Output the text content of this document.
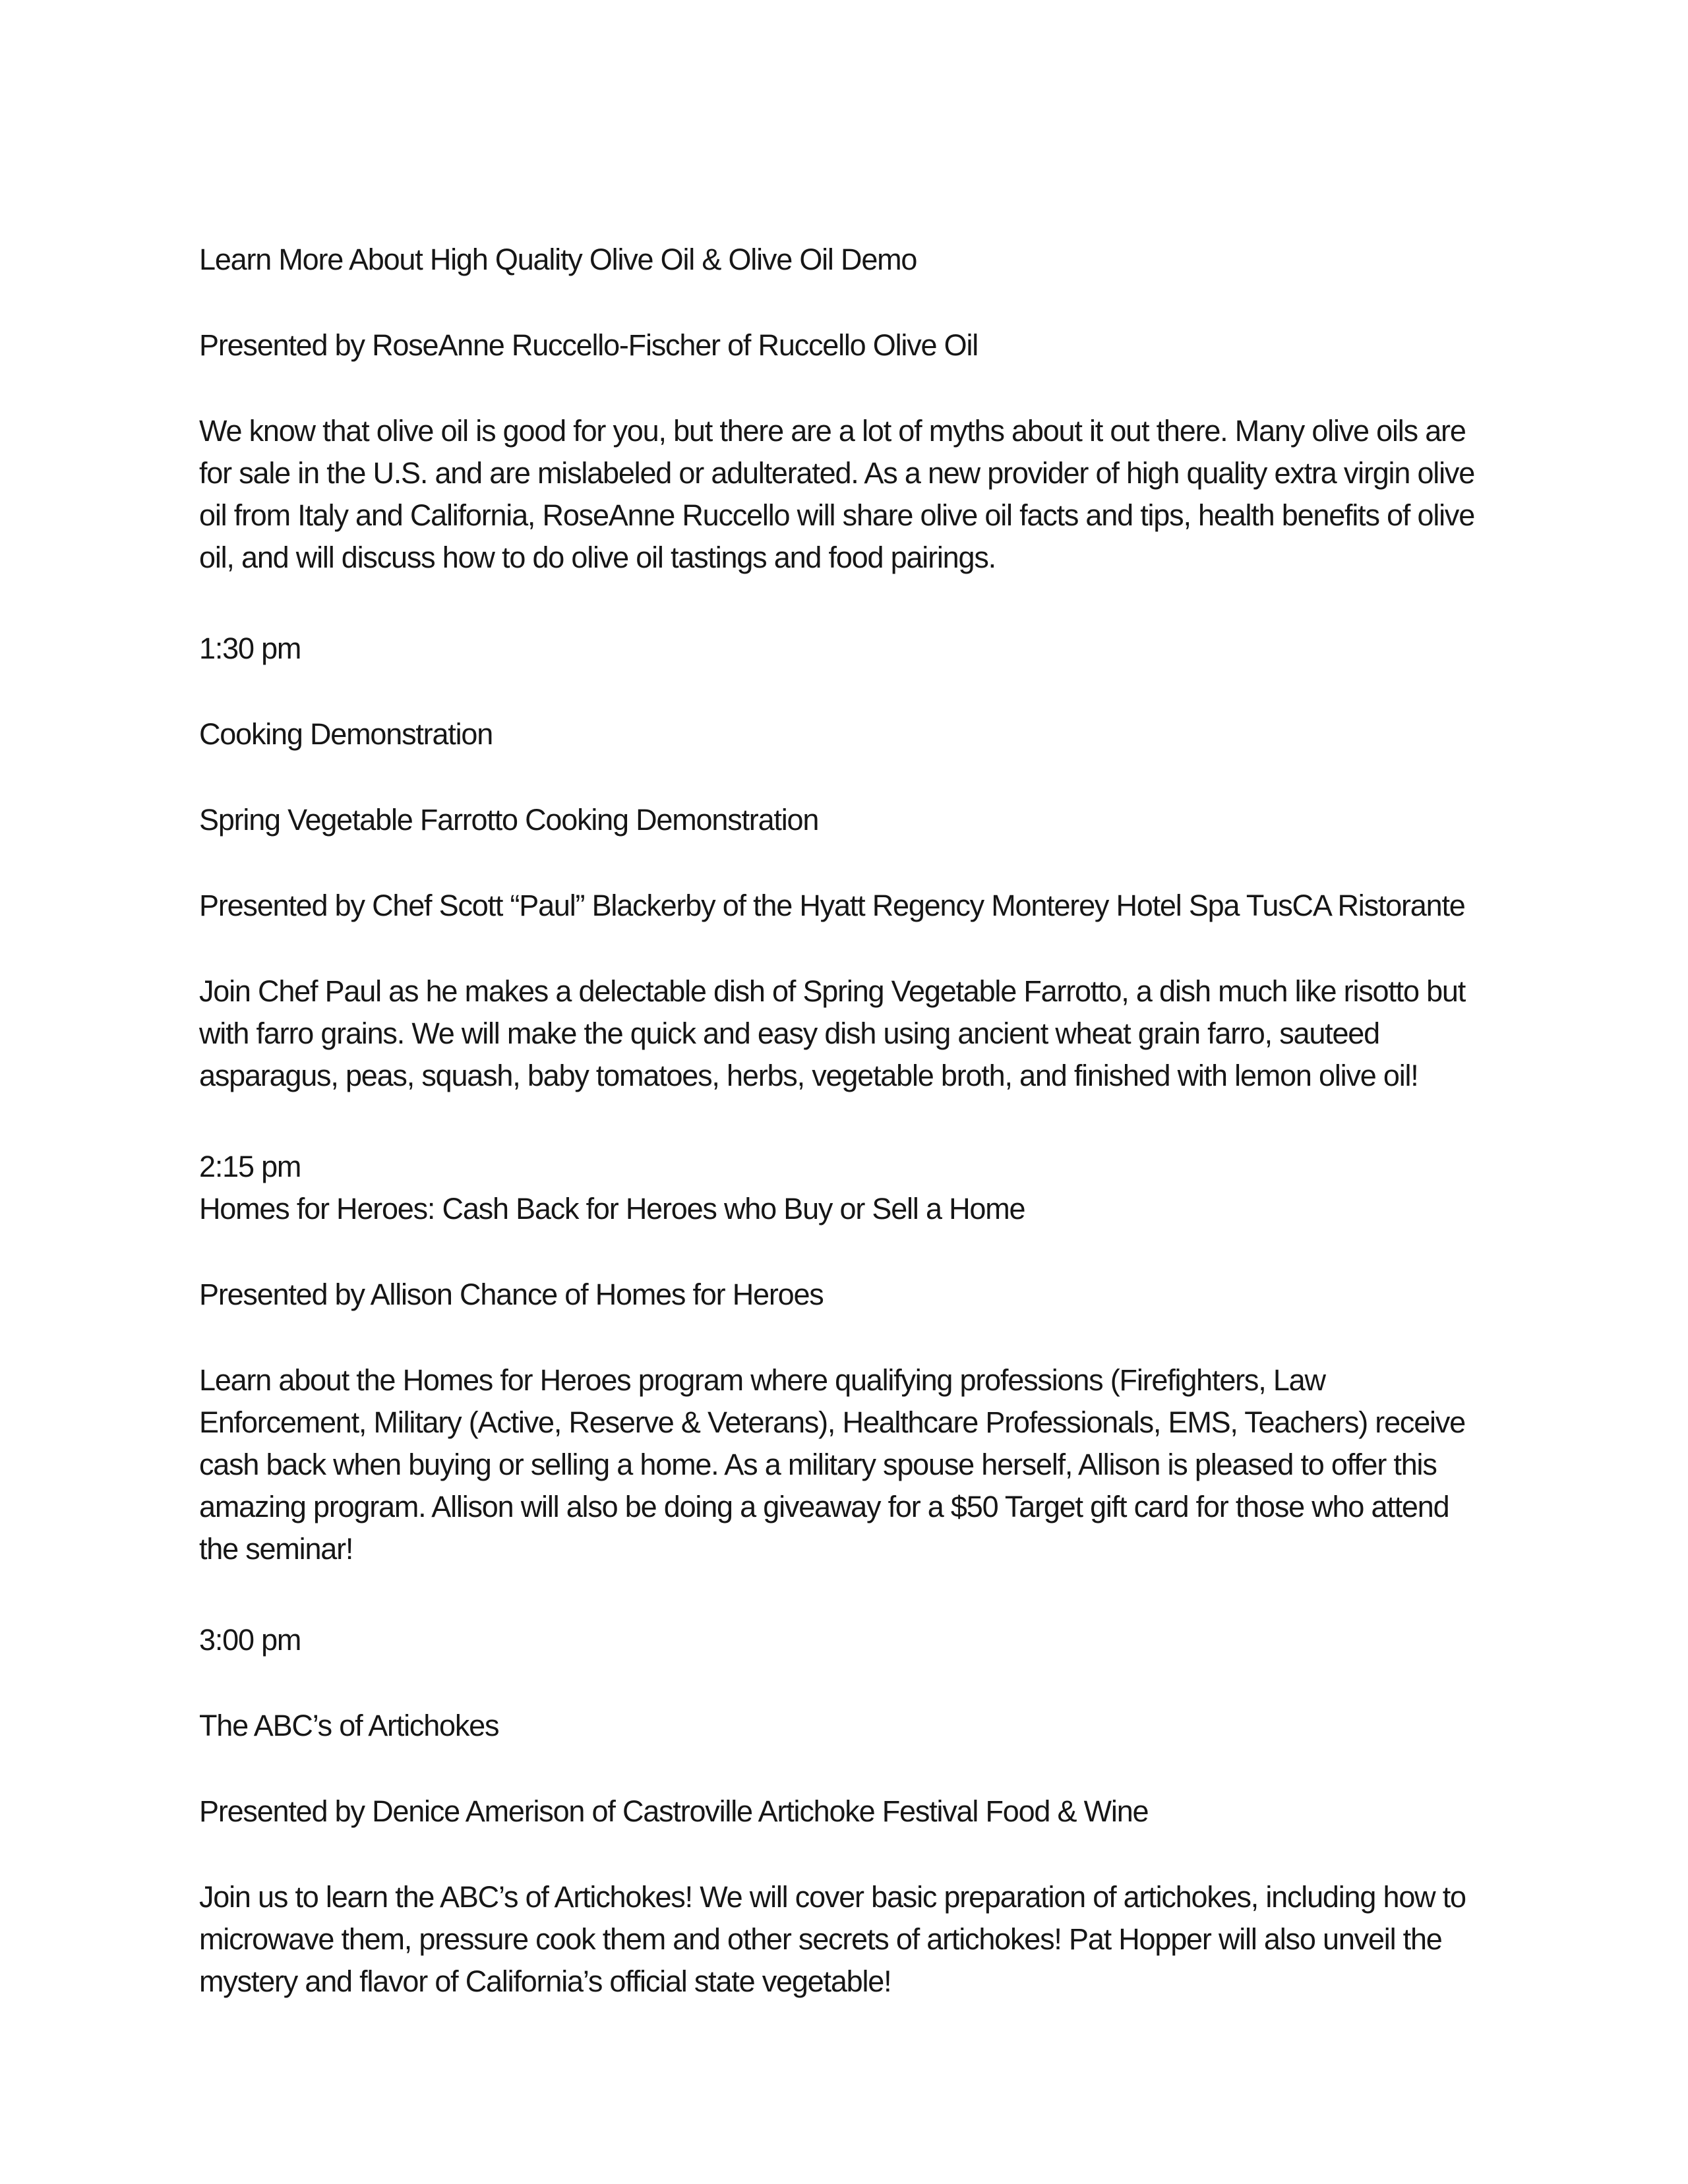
Learn More About High Quality Olive Oil & Olive Oil Demo

Presented by RoseAnne Ruccello-Fischer of Ruccello Olive Oil

We know that olive oil is good for you, but there are a lot of myths about it out there. Many olive oils are for sale in the U.S. and are mislabeled or adulterated. As a new provider of high quality extra virgin olive oil from Italy and California, RoseAnne Ruccello will share olive oil facts and tips, health benefits of olive oil, and will discuss how to do olive oil tastings and food pairings.

1:30 pm

Cooking Demonstration

Spring Vegetable Farrotto Cooking Demonstration

Presented by Chef Scott “Paul” Blackerby of the Hyatt Regency Monterey Hotel Spa TusCA Ristorante

Join Chef Paul as he makes a delectable dish of Spring Vegetable Farrotto, a dish much like risotto but with farro grains. We will make the quick and easy dish using ancient wheat grain farro, sauteed asparagus, peas, squash, baby tomatoes, herbs, vegetable broth, and finished with lemon olive oil!

2:15 pm

Homes for Heroes: Cash Back for Heroes who Buy or Sell a Home

Presented by Allison Chance of Homes for Heroes

Learn about the Homes for Heroes program where qualifying professions (Firefighters, Law Enforcement, Military (Active, Reserve & Veterans), Healthcare Professionals, EMS, Teachers) receive cash back when buying or selling a home. As a military spouse herself, Allison is pleased to offer this amazing program. Allison will also be doing a giveaway for a $50 Target gift card for those who attend the seminar!

3:00 pm

The ABC’s of Artichokes

Presented by Denice Amerison of Castroville Artichoke Festival Food & Wine

Join us to learn the ABC’s of Artichokes! We will cover basic preparation of artichokes, including how to microwave them, pressure cook them and other secrets of artichokes! Pat Hopper will also unveil the mystery and flavor of California’s official state vegetable!
